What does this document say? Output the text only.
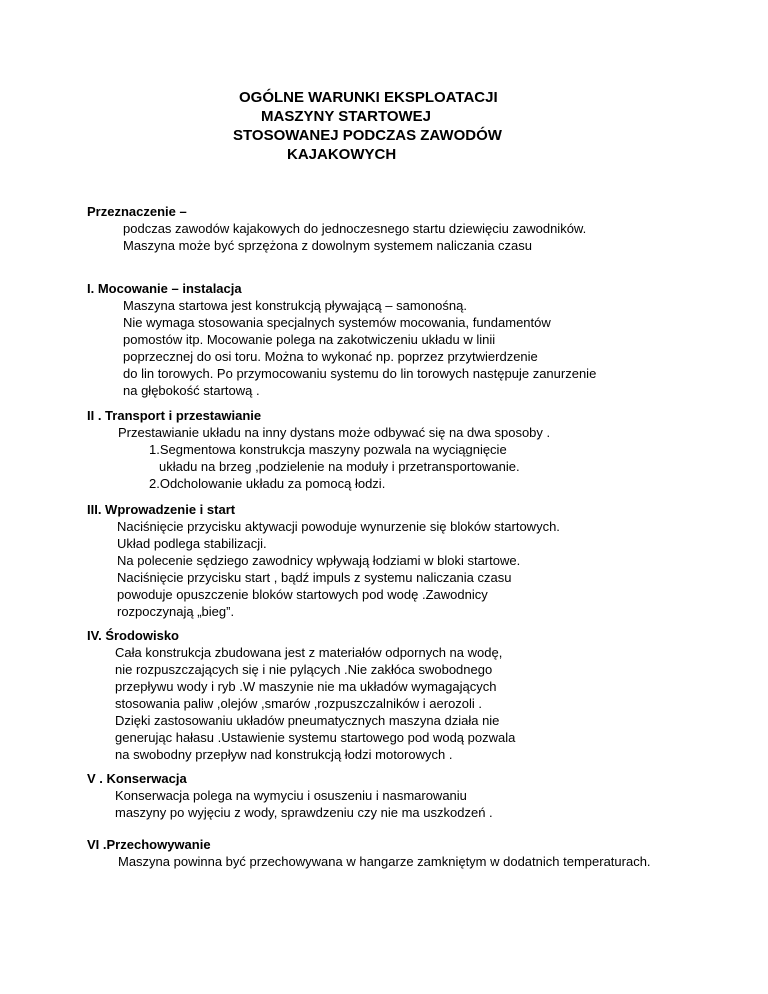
OGÓLNE WARUNKI EKSPLOATACJI
MASZYNY STARTOWEJ
STOSOWANEJ PODCZAS ZAWODÓW
KAJAKOWYCH
Przeznaczenie –
podczas zawodów kajakowych do jednoczesnego startu dziewięciu zawodników.
Maszyna może być sprzężona z dowolnym systemem naliczania czasu
I. Mocowanie – instalacja
Maszyna startowa jest konstrukcją pływającą – samonośną.
Nie wymaga stosowania specjalnych systemów mocowania, fundamentów
pomostów itp. Mocowanie polega na zakotwiczeniu układu w linii
poprzecznej do osi toru. Można to wykonać np. poprzez przytwierdzenie
do lin torowych. Po przymocowaniu systemu do lin torowych następuje zanurzenie
na głębokość startową .
II . Transport i przestawianie
Przestawianie układu na inny dystans może odbywać się na dwa sposoby .
1.Segmentowa konstrukcja maszyny pozwala na wyciągnięcie
układu na brzeg ,podzielenie na moduły i przetransportowanie.
2.Odcholowanie układu za pomocą łodzi.
III. Wprowadzenie i start
Naciśnięcie przycisku aktywacji powoduje wynurzenie się bloków startowych.
Układ podlega stabilizacji.
Na polecenie sędziego zawodnicy wpływają łodziami w bloki startowe.
Naciśnięcie przycisku start , bądź impuls z systemu naliczania czasu
powoduje opuszczenie bloków startowych pod wodę .Zawodnicy
rozpoczynają „bieg”.
IV. Środowisko
Cała konstrukcja zbudowana jest z materiałów odpornych na wodę,
nie rozpuszczających się i nie pylących .Nie zakłóca swobodnego
przepływu wody i ryb .W maszynie nie ma układów wymagających
stosowania paliw ,olejów ,smarów ,rozpuszczalników i aerozoli .
Dzięki zastosowaniu układów pneumatycznych maszyna działa nie
generując hałasu .Ustawienie systemu startowego pod wodą pozwala
na swobodny przepływ nad konstrukcją łodzi motorowych .
V . Konserwacja
Konserwacja polega na wymyciu i osuszeniu i nasmarowaniu
maszyny po wyjęciu z wody, sprawdzeniu czy nie ma uszkodzeń .
VI .Przechowywanie
Maszyna powinna być przechowywana w hangarze zamkniętym w dodatnich temperaturach.
